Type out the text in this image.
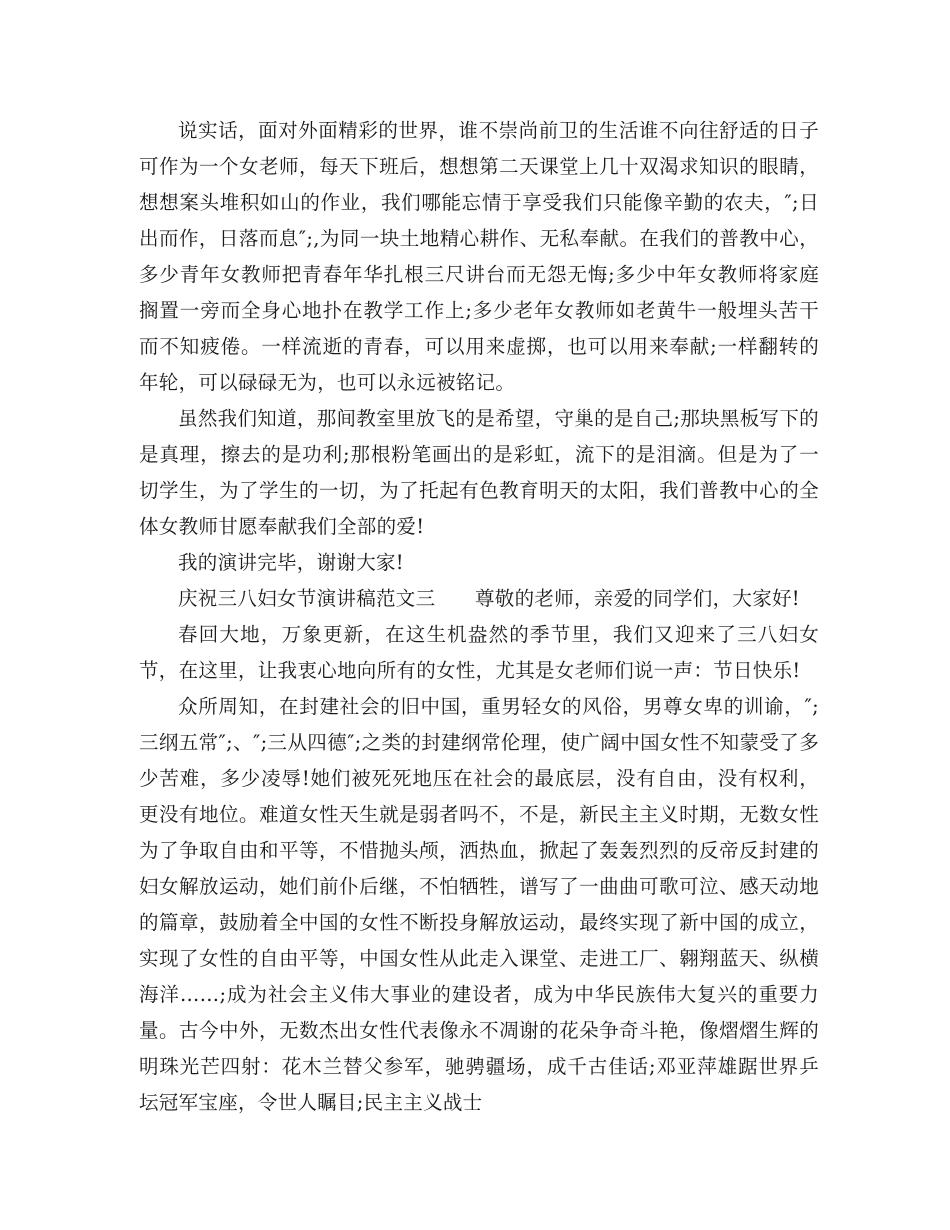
说实话，面对外面精彩的世界，谁不崇尚前卫的生活谁不向往舒适的日子可作为一个女老师，每天下班后，想想第二天课堂上几十双渴求知识的眼睛，想想案头堆积如山的作业，我们哪能忘情于享受我们只能像辛勤的农夫，″;日出而作，日落而息″;,为同一块土地精心耕作、无私奉献。在我们的普教中心，多少青年女教师把青春年华扎根三尺讲台而无怨无悔;多少中年女教师将家庭搁置一旁而全身心地扑在教学工作上;多少老年女教师如老黄牛一般埋头苦干而不知疲倦。一样流逝的青春，可以用来虚掷，也可以用来奉献;一样翻转的年轮，可以碌碌无为，也可以永远被铭记。

虽然我们知道，那间教室里放飞的是希望，守巢的是自己;那块黑板写下的是真理，擦去的是功利;那根粉笔画出的是彩虹，流下的是泪滴。但是为了一切学生，为了学生的一切，为了托起有色教育明天的太阳，我们普教中心的全体女教师甘愿奉献我们全部的爱!

我的演讲完毕，谢谢大家!

庆祝三八妇女节演讲稿范文三　　尊敬的老师，亲爱的同学们，大家好!

春回大地，万象更新，在这生机盎然的季节里，我们又迎来了三八妇女节，在这里，让我衷心地向所有的女性，尤其是女老师们说一声：节日快乐!

众所周知，在封建社会的旧中国，重男轻女的风俗，男尊女卑的训谕，″;三纲五常″;、″;三从四德″;之类的封建纲常伦理，使广阔中国女性不知蒙受了多少苦难，多少凌辱!她们被死死地压在社会的最底层，没有自由，没有权利，更没有地位。难道女性天生就是弱者吗不，不是，新民主主义时期，无数女性为了争取自由和平等，不惜抛头颅，洒热血，掀起了轰轰烈烈的反帝反封建的妇女解放运动，她们前仆后继，不怕牺牲，谱写了一曲曲可歌可泣、感天动地的篇章，鼓励着全中国的女性不断投身解放运动，最终实现了新中国的成立，实现了女性的自由平等，中国女性从此走入课堂、走进工厂、翱翔蓝天、纵横海洋……;成为社会主义伟大事业的建设者，成为中华民族伟大复兴的重要力量。古今中外，无数杰出女性代表像永不凋谢的花朵争奇斗艳，像熠熠生辉的明珠光芒四射：花木兰替父参军，驰骋疆场，成千古佳话;邓亚萍雄踞世界乒坛冠军宝座，令世人瞩目;民主主义战士
